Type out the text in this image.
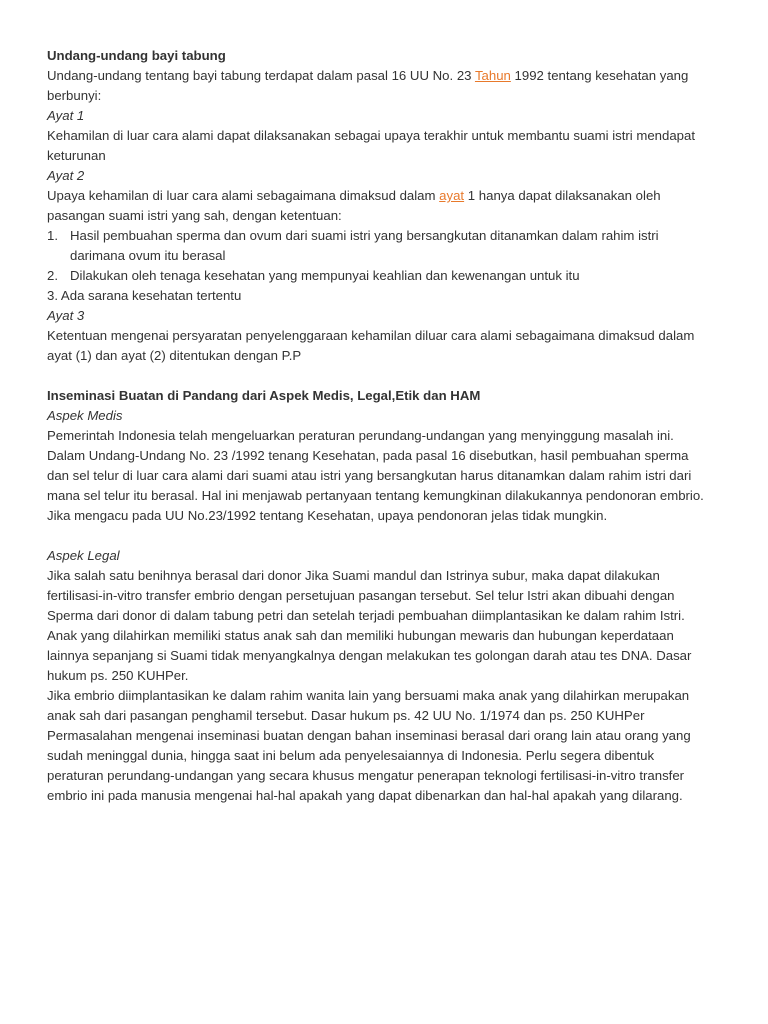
Undang-undang bayi tabung
Undang-undang tentang bayi tabung terdapat dalam pasal 16 UU No. 23 Tahun 1992 tentang kesehatan yang
berbunyi:
Ayat 1
Kehamilan di luar cara alami dapat dilaksanakan sebagai upaya terakhir untuk membantu suami istri mendapat
keturunan
Ayat 2
Upaya kehamilan di luar cara alami sebagaimana dimaksud dalam ayat 1 hanya dapat dilaksanakan oleh
pasangan suami istri yang sah, dengan ketentuan:
1. Hasil pembuahan sperma dan ovum dari suami istri yang bersangkutan ditanamkan dalam rahim istri
darimana ovum itu berasal
2. Dilakukan oleh tenaga kesehatan yang mempunyai keahlian dan kewenangan untuk itu
3. Ada sarana kesehatan tertentu
Ayat 3
Ketentuan mengenai persyaratan penyelenggaraan kehamilan diluar cara alami sebagaimana dimaksud dalam
ayat (1) dan ayat (2) ditentukan dengan P.P
Inseminasi Buatan di Pandang dari Aspek Medis, Legal,Etik dan HAM
Aspek Medis
Pemerintah Indonesia telah mengeluarkan peraturan perundang-undangan yang menyinggung masalah ini.
Dalam Undang-Undang No. 23 /1992 tenang Kesehatan, pada pasal 16 disebutkan, hasil pembuahan sperma
dan sel telur di luar cara alami dari suami atau istri yang bersangkutan harus ditanamkan dalam rahim istri dari
mana sel telur itu berasal. Hal ini menjawab pertanyaan tentang kemungkinan dilakukannya pendonoran embrio.
Jika mengacu pada UU No.23/1992 tentang Kesehatan, upaya pendonoran jelas tidak mungkin.
Aspek Legal
Jika salah satu benihnya berasal dari donor Jika Suami mandul dan Istrinya subur, maka dapat dilakukan
fertilisasi-in-vitro transfer embrio dengan persetujuan pasangan tersebut. Sel telur Istri akan dibuahi dengan
Sperma dari donor di dalam tabung petri dan setelah terjadi pembuahan diimplantasikan ke dalam rahim Istri.
Anak yang dilahirkan memiliki status anak sah dan memiliki hubungan mewaris dan hubungan keperdataan
lainnya sepanjang si Suami tidak menyangkalnya dengan melakukan tes golongan darah atau tes DNA. Dasar
hukum ps. 250 KUHPer.
Jika embrio diimplantasikan ke dalam rahim wanita lain yang bersuami maka anak yang dilahirkan merupakan
anak sah dari pasangan penghamil tersebut. Dasar hukum ps. 42 UU No. 1/1974 dan ps. 250 KUHPer
Permasalahan mengenai inseminasi buatan dengan bahan inseminasi berasal dari orang lain atau orang yang
sudah meninggal dunia, hingga saat ini belum ada penyelesaiannya di Indonesia. Perlu segera dibentuk
peraturan perundang-undangan yang secara khusus mengatur penerapan teknologi fertilisasi-in-vitro transfer
embrio ini pada manusia mengenai hal-hal apakah yang dapat dibenarkan dan hal-hal apakah yang dilarang.
